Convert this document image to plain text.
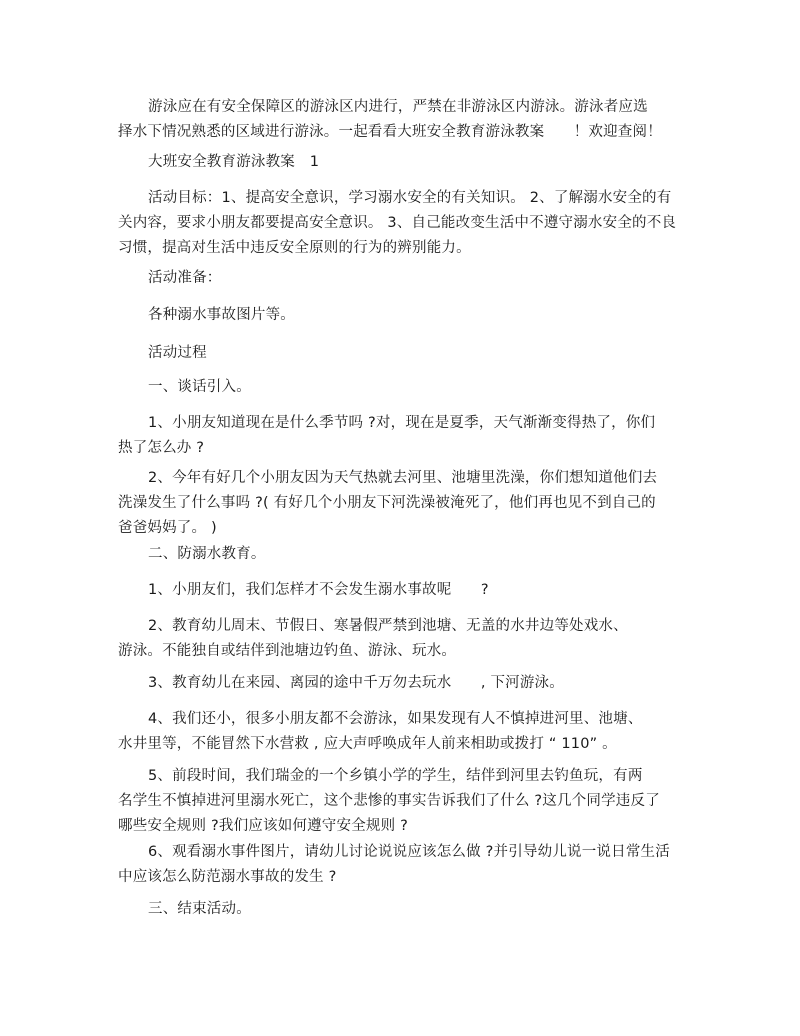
游泳应在有安全保障区的游泳区内进行，严禁在非游泳区内游泳。游泳者应选
择水下情况熟悉的区域进行游泳。一起看看大班安全教育游泳教案　　！欢迎查阅！
大班安全教育游泳教案　1
活动目标：1、提高安全意识，学习溺水安全的有关知识。 2、了解溺水安全的有
关内容，要求小朋友都要提高安全意识。 3、自己能改变生活中不遵守溺水安全的不良
习惯，提高对生活中违反安全原则的行为的辨别能力。
活动准备：
各种溺水事故图片等。
活动过程
一、谈话引入。
1、小朋友知道现在是什么季节吗 ?对，现在是夏季，天气渐渐变得热了，你们
热了怎么办 ?
2、今年有好几个小朋友因为天气热就去河里、池塘里洗澡，你们想知道他们去
洗澡发生了什么事吗 ?( 有好几个小朋友下河洗澡被淹死了，他们再也见不到自己的
爸爸妈妈了。 )
二、防溺水教育。
1、小朋友们，我们怎样才不会发生溺水事故呢　　?
2、教育幼儿周末、节假日、寒暑假严禁到池塘、无盖的水井边等处戏水、
游泳。不能独自或结伴到池塘边钓鱼、游泳、玩水。
3、教育幼儿在来园、离园的途中千万勿去玩水　　, 下河游泳。
4、我们还小，很多小朋友都不会游泳，如果发现有人不慎掉进河里、池塘、
水井里等，不能冒然下水营救 , 应大声呼唤成年人前来相助或拨打 “ 110” 。
5、前段时间，我们瑞金的一个乡镇小学的学生，结伴到河里去钓鱼玩，有两
名学生不慎掉进河里溺水死亡，这个悲惨的事实告诉我们了什么 ?这几个同学违反了
哪些安全规则 ?我们应该如何遵守安全规则 ?
6、观看溺水事件图片，请幼儿讨论说说应该怎么做 ?并引导幼儿说一说日常生活
中应该怎么防范溺水事故的发生 ?
三、结束活动。
